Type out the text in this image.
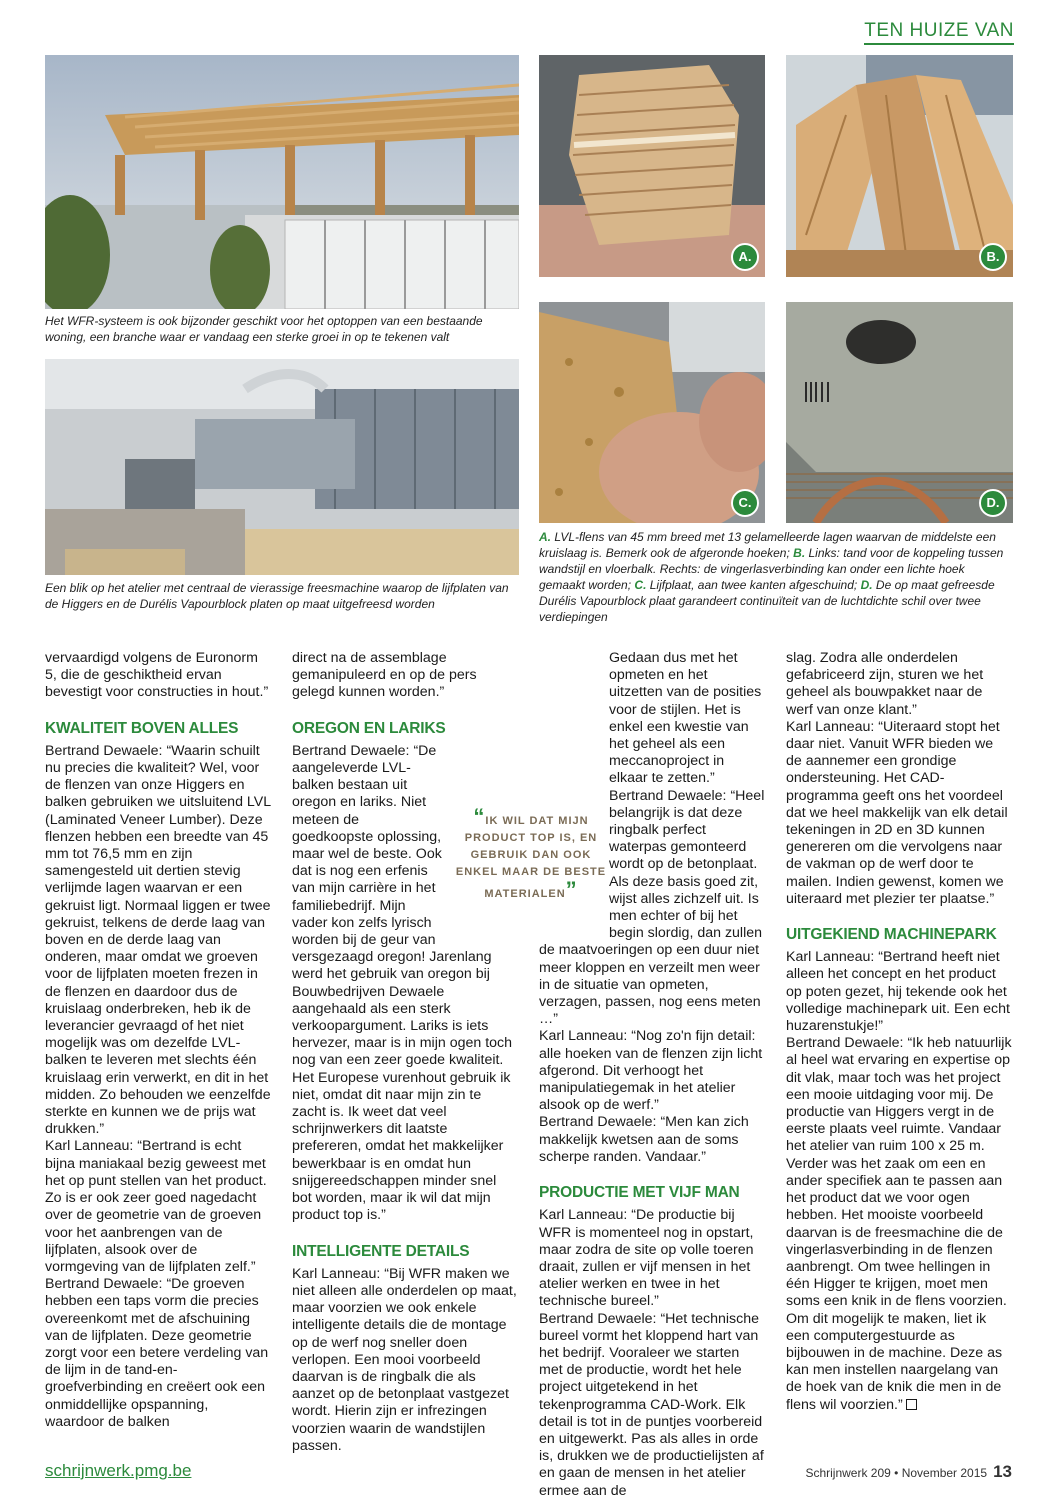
TEN HUIZE VAN
Het WFR-systeem is ook bijzonder geschikt voor het optoppen van een bestaande woning, een branche waar er vandaag een sterke groei in op te tekenen valt
Een blik op het atelier met centraal de vierassige freesmachine waarop de lijfplaten van de Higgers en de Durélis Vapourblock platen op maat uitgefreesd worden
A.	B.
C.	D.
A. LVL-flens van 45 mm breed met 13 gelamelleerde lagen waarvan de middelste een kruislaag is. Bemerk ook de afgeronde hoeken; B. Links: tand voor de koppeling tussen wandstijl en vloerbalk. Rechts: de vingerlasverbinding kan onder een lichte hoek gemaakt worden; C. Lijfplaat, aan twee kanten afgeschuind; D. De op maat gefreesde Durélis Vapourblock plaat garandeert continuïteit van de luchtdichte schil over twee verdiepingen

vervaardigd volgens de Euronorm 5, die de geschiktheid ervan bevestigt voor constructies in hout.”

KWALITEIT BOVEN ALLES

Bertrand Dewaele: “Waarin schuilt nu precies die kwaliteit? Wel, voor de flenzen van onze Higgers en balken gebruiken we uitsluitend LVL (Laminated Veneer Lumber). Deze flenzen hebben een breedte van 45 mm tot 76,5 mm en zijn samengesteld uit dertien stevig verlijmde lagen waarvan er een gekruist ligt. Normaal liggen er twee gekruist, telkens de derde laag van boven en de derde laag van onderen, maar omdat we groeven voor de lijfplaten moeten frezen in de flenzen en daardoor dus de kruislaag onderbreken, heb ik de leverancier gevraagd of het niet mogelijk was om dezelfde LVL-balken te leveren met slechts één kruislaag erin verwerkt, en dit in het midden. Zo behouden we eenzelfde sterkte en kunnen we de prijs wat drukken.”

Karl Lanneau: “Bertrand is echt bijna maniakaal bezig geweest met het op punt stellen van het product. Zo is er ook zeer goed nagedacht over de geometrie van de groeven voor het aanbrengen van de lijfplaten, alsook over de vormgeving van de lijfplaten zelf.”

Bertrand Dewaele: “De groeven hebben een taps vorm die precies overeenkomt met de afschuining van de lijfplaten. Deze geometrie zorgt voor een betere verdeling van de lijm in de tand-en-groefverbinding en creëert ook een onmiddellijke opspanning, waardoor de balken

direct na de assemblage gemanipuleerd en op de pers gelegd kunnen worden.”

OREGON EN LARIKS

Bertrand Dewaele: “De aangeleverde LVL-balken bestaan uit oregon en lariks. Niet meteen de goedkoopste oplossing, maar wel de beste. Ook dat is nog een erfenis van mijn carrière in het familiebedrijf. Mijn vader kon zelfs lyrisch worden bij de geur van versgezaagd oregon! Jarenlang werd het gebruik van oregon bij Bouwbedrijven Dewaele aangehaald als een sterk verkoopargument. Lariks is iets hervezer, maar is in mijn ogen toch nog van een zeer goede kwaliteit. Het Europese vurenhout gebruik ik niet, omdat dit naar mijn zin te zacht is. Ik weet dat veel schrijnwerkers dit laatste prefereren, omdat het makkelijker bewerkbaar is en omdat hun snijgereedschappen minder snel bot worden, maar ik wil dat mijn product top is.”

INTELLIGENTE DETAILS

Karl Lanneau: “Bij WFR maken we niet alleen alle onderdelen op maat, maar voorzien we ook enkele intelligente details die de montage op de werf nog sneller doen verlopen. Een mooi voorbeeld daarvan is de ringbalk die als aanzet op de betonplaat vastgezet wordt. Hierin zijn er infrezingen voorzien waarin de wandstijlen passen.

Gedaan dus met het opmeten en het uitzetten van de posities voor de stijlen. Het is enkel een kwestie van het geheel als een meccanoproject in elkaar te zetten.”

Bertrand Dewaele: “Heel belangrijk is dat deze ringbalk perfect waterpas gemonteerd wordt op de betonplaat. Als deze basis goed zit, wijst alles zichzelf uit. Is men echter of bij het begin slordig, dan zullen de maatvoeringen op een duur niet meer kloppen en verzeilt men weer in de situatie van opmeten, verzagen, passen, nog eens meten …”

Karl Lanneau: “Nog zo'n fijn detail: alle hoeken van de flenzen zijn licht afgerond. Dit verhoogt het manipulatiegemak in het atelier alsook op de werf.”

Bertrand Dewaele: “Men kan zich makkelijk kwetsen aan de soms scherpe randen. Vandaar.”

PRODUCTIE MET VIJF MAN

Karl Lanneau: “De productie bij WFR is momenteel nog in opstart, maar zodra de site op volle toeren draait, zullen er vijf mensen in het atelier werken en twee in het technische bureel.”

Bertrand Dewaele: “Het technische bureel vormt het kloppend hart van het bedrijf. Vooraleer we starten met de productie, wordt het hele project uitgetekend in het tekenprogramma CAD-Work. Elk detail is tot in de puntjes voorbereid en uitgewerkt. Pas als alles in orde is, drukken we de productielijsten af en gaan de mensen in het atelier ermee aan de

slag. Zodra alle onderdelen gefabriceerd zijn, sturen we het geheel als bouwpakket naar de werf van onze klant.”

Karl Lanneau: “Uiteraard stopt het daar niet. Vanuit WFR bieden we de aannemer een grondige ondersteuning. Het CAD-programma geeft ons het voordeel dat we heel makkelijk van elk detail tekeningen in 2D en 3D kunnen genereren om die vervolgens naar de vakman op de werf door te mailen. Indien gewenst, komen we uiteraard met plezier ter plaatse.”

UITGEKIEND MACHINEPARK

Karl Lanneau: “Bertrand heeft niet alleen het concept en het product op poten gezet, hij tekende ook het volledige machinepark uit. Een echt huzarenstukje!”

Bertrand Dewaele: “Ik heb natuurlijk al heel wat ervaring en expertise op dit vlak, maar toch was het project een mooie uitdaging voor mij. De productie van Higgers vergt in de eerste plaats veel ruimte. Vandaar het atelier van ruim 100 x 25 m. Verder was het zaak om een en ander specifiek aan te passen aan het product dat we voor ogen hebben. Het mooiste voorbeeld daarvan is de freesmachine die de vingerlasverbinding in de flenzen aanbrengt. Om twee hellingen in één Higger te krijgen, moet men soms een knik in de flens voorzien. Om dit mogelijk te maken, liet ik een computergestuurde as bijbouwen in de machine. Deze as kan men instellen naargelang van de hoek van de knik die men in de flens wil voorzien.”

“IK WIL DAT MIJN PRODUCT TOP IS, EN GEBRUIK DAN OOK ENKEL MAAR DE BESTE MATERIALEN”
schrijnwerk.pmg.be	Schrijnwerk 209 • November 2015 13
